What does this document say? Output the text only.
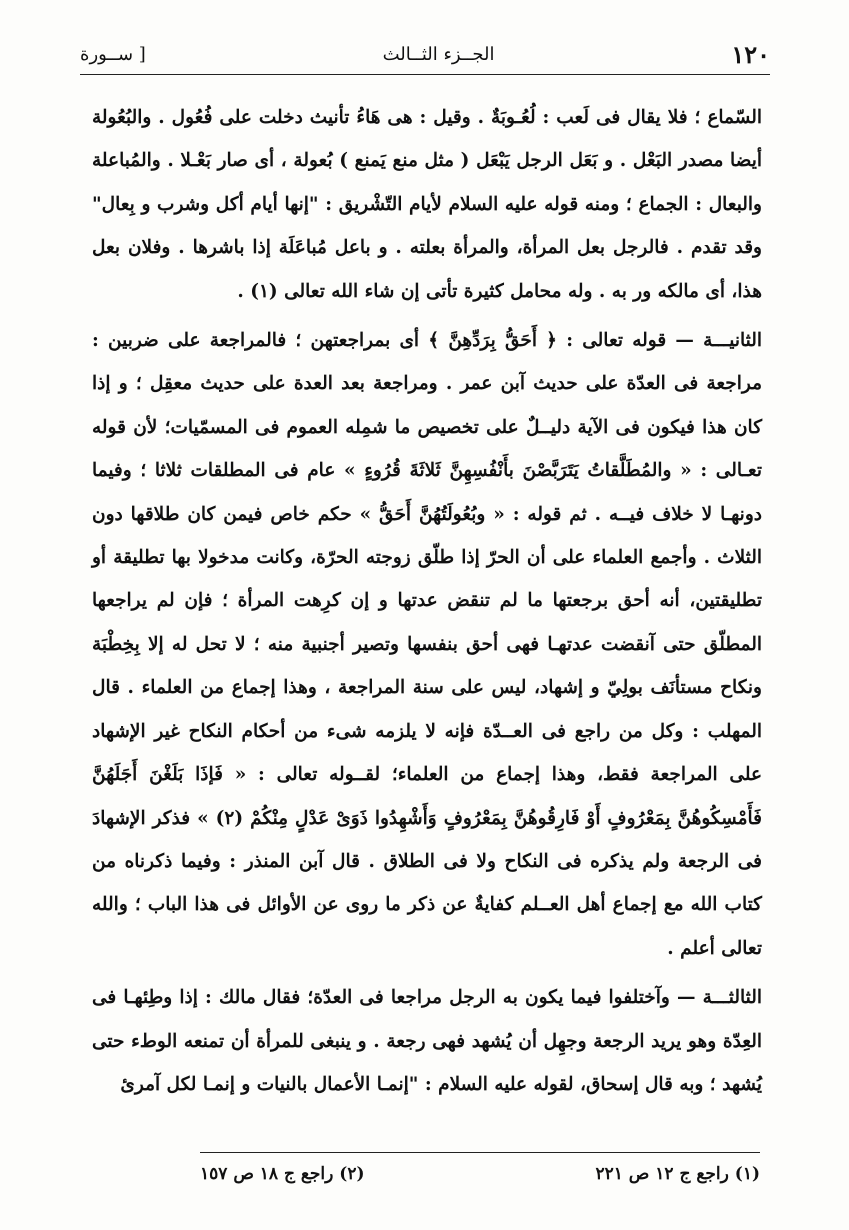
١٢٠
الجــزء الثــالث
[ ســورة

السّماع ؛ فلا يقال فى لَعب : لُعُـوبَةٌ . وقيل : هى هَاءُ تأنيث دخلت على فُعُول . والبُعُولة أيضا مصدر البَعْل . و بَعَل الرجل يَبْعَل ( مثل منع يَمنع ) بُعولة ، أى صار بَعْـلا . والمُباعلة والبعال : الجماع ؛ ومنه قوله عليه السلام لأيام التّشْريق : "إنها أيام أكل وشرب و بِعال" وقد تقدم . فالرجل بعل المرأة، والمرأة بعلته . و باعل مُباعَلَة إذا باشرها . وفلان بعل هذا، أى مالكه ور به . وله محامل كثيرة تأتى إن شاء الله تعالى (١) .

الثانيـــة — قوله تعالى : ﴿ أَحَقُّ بِرَدِّهِنَّ ﴾ أى بمراجعتهن ؛ فالمراجعة على ضربين : مراجعة فى العدّة على حديث آبن عمر . ومراجعة بعد العدة على حديث معقِل ؛ و إذا كان هذا فيكون فى الآية دليــلٌ على تخصيص ما شمِله العموم فى المسمّيات؛ لأن قوله تعـالى : « والمُطَلَّقاتُ يَتَرَبَّصْنَ بأَنْفُسِهِنَّ ثَلاثَةَ قُرُوءٍ » عام فى المطلقات ثلاثا ؛ وفيما دونهـا لا خلاف فيــه . ثم قوله : « وبُعُولَتُهُنَّ أَحَقُّ » حكم خاص فيمن كان طلاقها دون الثلاث . وأجمع العلماء على أن الحرّ إذا طلّق زوجته الحرّة، وكانت مدخولا بها تطليقة أو تطليقتين، أنه أحق برجعتها ما لم تنقض عدتها و إن كرِهت المرأة ؛ فإن لم يراجعها المطلّق حتى آنقضت عدتهـا فهى أحق بنفسها وتصير أجنبية منه ؛ لا تحل له إلا بِخِطْبَة ونكاح مستأنَف بولِيّ و إشهاد، ليس على سنة المراجعة ، وهذا إجماع من العلماء . قال المهلب : وكل من راجع فى العــدّة فإنه لا يلزمه شىء من أحكام النكاح غير الإشهاد على المراجعة فقط، وهذا إجماع من العلماء؛ لقــوله تعالى : « فَإذَا بَلَغْنَ أَجَلَهُنَّ فَأَمْسِكُوهُنَّ بِمَعْرُوفٍ أَوْ فَارِقُوهُنَّ بِمَعْرُوفٍ وَأَشْهِدُوا ذَوَىْ عَدْلٍ مِنْكُمْ (٢) » فذكر الإشهادَ فى الرجعة ولم يذكره فى النكاح ولا فى الطلاق . قال آبن المنذر : وفيما ذكرناه من كتاب الله مع إجماع أهل العــلم كفايةٌ عن ذكر ما روى عن الأوائل فى هذا الباب ؛ والله تعالى أعلم .

الثالثـــة — وآختلفوا فيما يكون به الرجل مراجعا فى العدّة؛ فقال مالك : إذا وطِئهـا فى العِدّة وهو يريد الرجعة وجهِل أن يُشهد فهى رجعة . و ينبغى للمرأة أن تمنعه الوطء حتى يُشهد ؛ وبه قال إسحاق، لقوله عليه السلام : "إنمـا الأعمال بالنيات و إنمـا لكل آمرئ

(١) راجع ج ١٢ ص ٢٢١
(٢) راجع ج ١٨ ص ١٥٧
